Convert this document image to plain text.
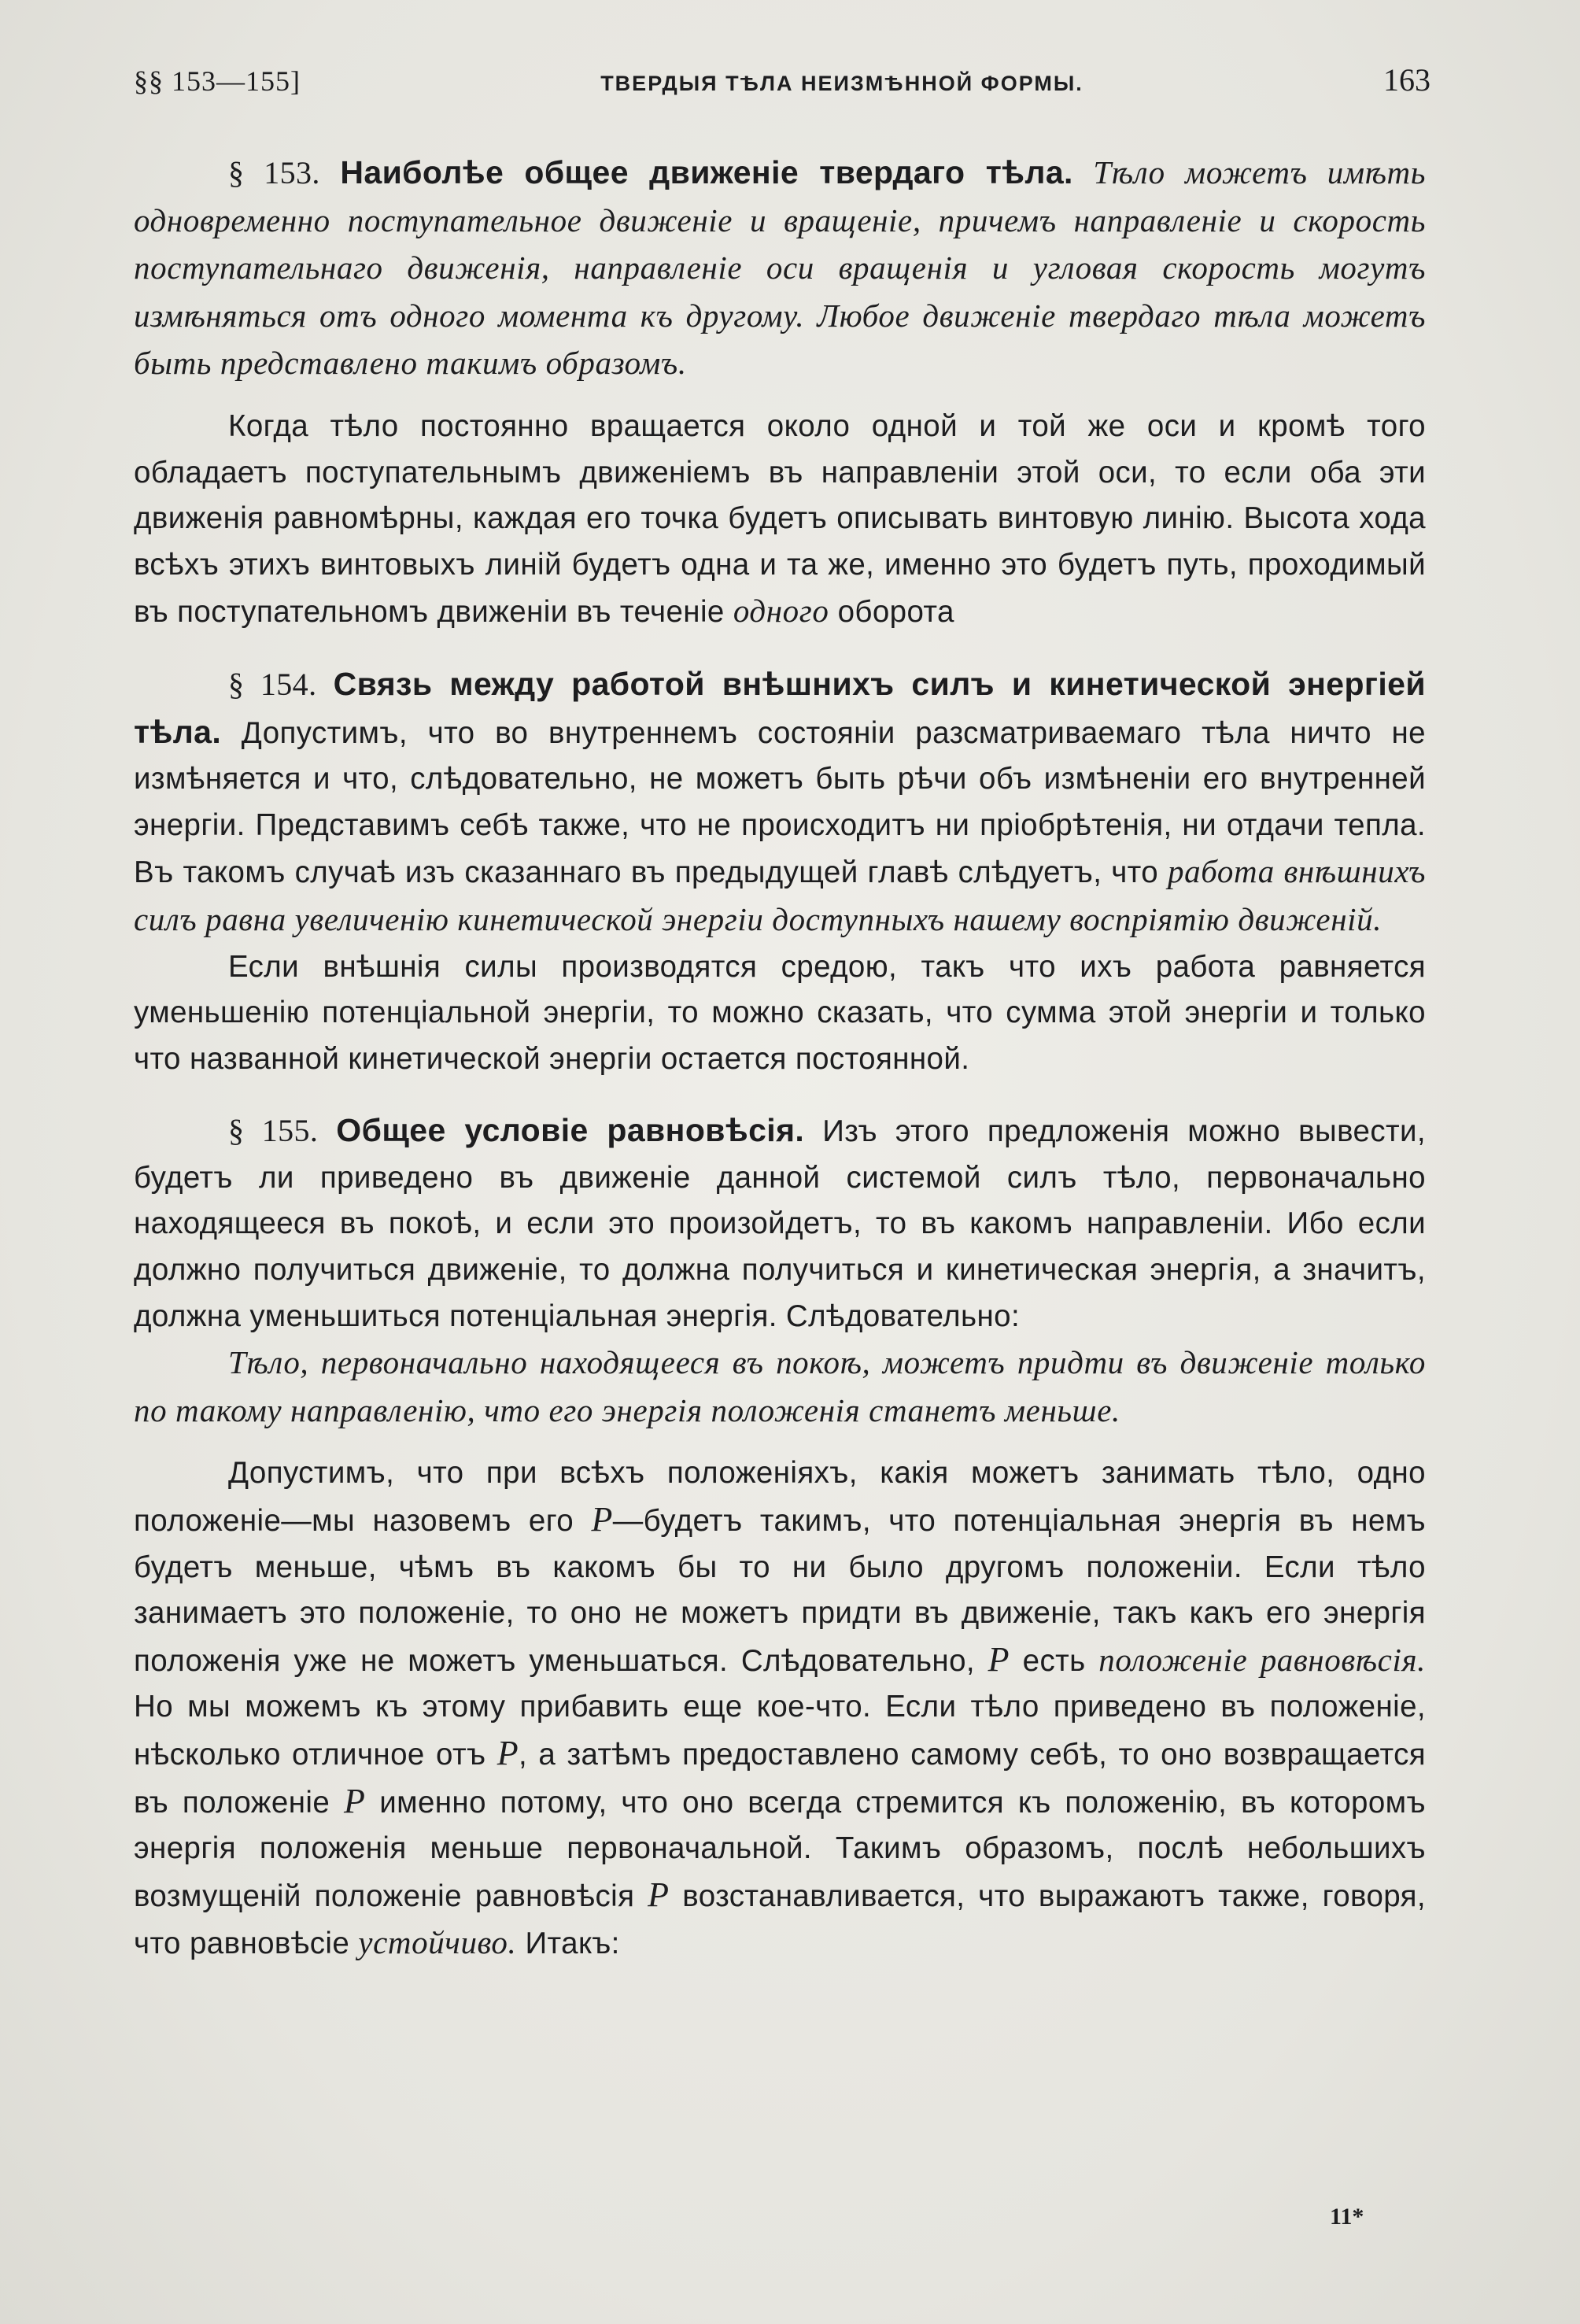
§§ 153—155]	ТВЕРДЫЯ ТѢЛА НЕИЗМѢННОЙ ФОРМЫ.	163

§ 153. Наиболѣе общее движенiе твердаго тѣла. Тѣло можетъ имѣть одновременно поступательное движенiе и вращенiе, причемъ направленiе и скорость поступательнаго движенiя, направленiе оси вращенiя и угловая скорость могутъ измѣняться отъ одного момента къ другому. Любое движенiе твердаго тѣла можетъ быть представлено такимъ образомъ.

Когда тѣло постоянно вращается около одной и той же оси и кромѣ того обладаетъ поступательнымъ движенiемъ въ направленiи этой оси, то если оба эти движенiя равномѣрны, каждая его точка будетъ описывать винтовую линiю. Высота хода всѣхъ этихъ винтовыхъ линiй будетъ одна и та же, именно это будетъ путь, проходимый въ поступательномъ движенiи въ теченiе одного оборота

§ 154. Связь между работой внѣшнихъ силъ и кинетической энергiей тѣла. Допустимъ, что во внутреннемъ состоянiи разсматриваемаго тѣла ничто не измѣняется и что, слѣдовательно, не можетъ быть рѣчи объ измѣненiи его внутренней энергiи. Представимъ себѣ также, что не происходитъ ни прiобрѣтенiя, ни отдачи тепла. Въ такомъ случаѣ изъ сказаннаго въ предыдущей главѣ слѣдуетъ, что работа внѣшнихъ силъ равна увеличенiю кинетической энергiи доступныхъ нашему воспрiятiю движенiй.

Если внѣшнiя силы производятся средою, такъ что ихъ работа равняется уменьшенiю потенцiальной энергiи, то можно сказать, что сумма этой энергiи и только что названной кинетической энергiи остается постоянной.

§ 155. Общее условiе равновѣсiя. Изъ этого предложенiя можно вывести, будетъ ли приведено въ движенiе данной системой силъ тѣло, первоначально находящееся въ покоѣ, и если это произойдетъ, то въ какомъ направленiи. Ибо если должно получиться движенiе, то должна получиться и кинетическая энергiя, а значитъ, должна уменьшиться потенцiальная энергiя. Слѣдовательно:

Тѣло, первоначально находящееся въ покоѣ, можетъ придти въ движенiе только по такому направленiю, что его энергiя положенiя станетъ меньше.

Допустимъ, что при всѣхъ положенiяхъ, какiя можетъ занимать тѣло, одно положенiе—мы назовемъ его P—будетъ такимъ, что потенцiальная энергiя въ немъ будетъ меньше, чѣмъ въ какомъ бы то ни было другомъ положенiи. Если тѣло занимаетъ это положенiе, то оно не можетъ придти въ движенiе, такъ какъ его энергiя положенiя уже не можетъ уменьшаться. Слѣдовательно, P есть положенiе равновѣсiя. Но мы можемъ къ этому прибавить еще кое-что. Если тѣло приведено въ положенiе, нѣсколько отличное отъ P, а затѣмъ предоставлено самому себѣ, то оно возвращается въ положенiе P именно потому, что оно всегда стремится къ положенiю, въ которомъ энергiя положенiя меньше первоначальной. Такимъ образомъ, послѣ небольшихъ возмущенiй положенiе равновѣсiя P возстанавливается, что выражаютъ также, говоря, что равновѣсiе устойчиво. Итакъ:

11*
